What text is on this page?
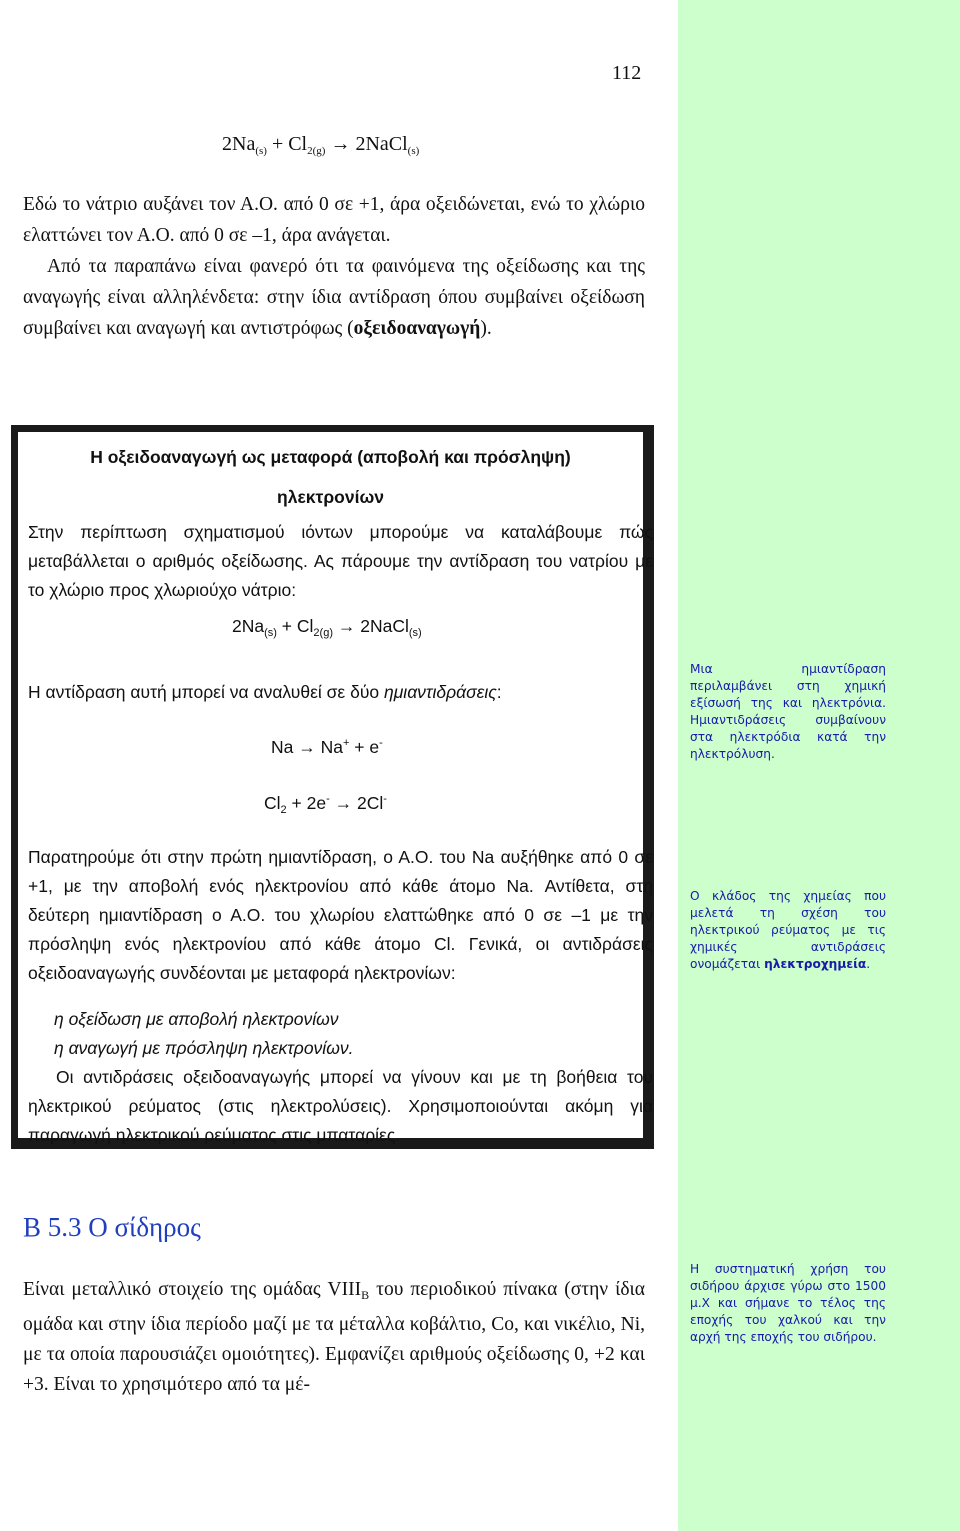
112
$2Na_{(s)} + Cl_{2(g)}$ → 2NaCl$_{(s)}$

Εδώ το νάτριο αυξάνει τον Α.Ο. από 0 σε +1, άρα οξειδώνεται, ενώ το χλώριο ελαττώνει τον Α.Ο. από 0 σε –1, άρα ανάγεται.

Από τα παραπάνω είναι φανερό ότι τα φαινόμενα της οξείδωσης και της αναγωγής είναι αλληλένδετα: στην ίδια αντίδραση όπου συμβαίνει οξείδωση συμβαίνει και αναγωγή και αντιστρόφως (οξειδοαναγωγή).

Η οξειδοαναγωγή ως μεταφορά (αποβολή και πρόσληψη)
ηλεκτρονίων

Στην περίπτωση σχηματισμού ιόντων μπορούμε να καταλάβουμε πώς μεταβάλλεται ο αριθμός οξείδωσης. Ας πάρουμε την αντίδραση του νατρίου με το χλώριο προς χλωριούχο νάτριο:

$2Na_{(s)} + Cl_{2(g)}$ → 2NaCl$_{(s)}$

Η αντίδραση αυτή μπορεί να αναλυθεί σε δύο ημιαντιδράσεις:

Na → Na+ + e-
$Cl_2 + 2e^- \to 2Cl^-$

Παρατηρούμε ότι στην πρώτη ημιαντίδραση, ο Α.Ο. του Na αυξήθηκε από 0 σε +1, με την αποβολή ενός ηλεκτρονίου από κάθε άτομο Na. Αντίθετα, στη δεύτερη ημιαντίδραση ο Α.Ο. του χλωρίου ελαττώθηκε από 0 σε –1 με την πρόσληψη ενός ηλεκτρονίου από κάθε άτομο Cl. Γενικά, οι αντιδράσεις οξειδοαναγωγής συνδέονται με μεταφορά ηλεκτρονίων:

η οξείδωση με αποβολή ηλεκτρονίων

η αναγωγή με πρόσληψη ηλεκτρονίων.

Οι αντιδράσεις οξειδοαναγωγής μπορεί να γίνουν και με τη βοήθεια του ηλεκτρικού ρεύματος (στις ηλεκτρολύσεις). Χρησιμοποιούνται ακόμη για παραγωγή ηλεκτρικού ρεύματος στις μπαταρίες.

Μια ημιαντίδραση περιλαμβάνει στη χημική εξίσωσή της και ηλεκτρόνια. Ημιαντιδράσεις συμβαίνουν στα ηλεκτρόδια κατά την ηλεκτρόλυση.
Ο κλάδος της χημείας που μελετά τη σχέση του ηλεκτρικού ρεύματος με τις χημικές αντιδράσεις ονομάζεται ηλεκτροχημεία.
Η συστηματική χρήση του σιδήρου άρχισε γύρω στο 1500 μ.Χ και σήμανε το τέλος της εποχής του χαλκού και την αρχή της εποχής του σιδήρου.
Β 5.3 Ο σίδηρος

Είναι μεταλλικό στοιχείο της ομάδας $VIII_B$ του περιοδικού πίνακα (στην ίδια ομάδα και στην ίδια περίοδο μαζί με τα μέταλλα κοβάλτιο, Co, και νικέλιο, Ni, με τα οποία παρουσιάζει ομοιότητες). Εμφανίζει αριθμούς οξείδωσης 0, +2 και +3. Είναι το χρησιμότερο από τα μέ-
